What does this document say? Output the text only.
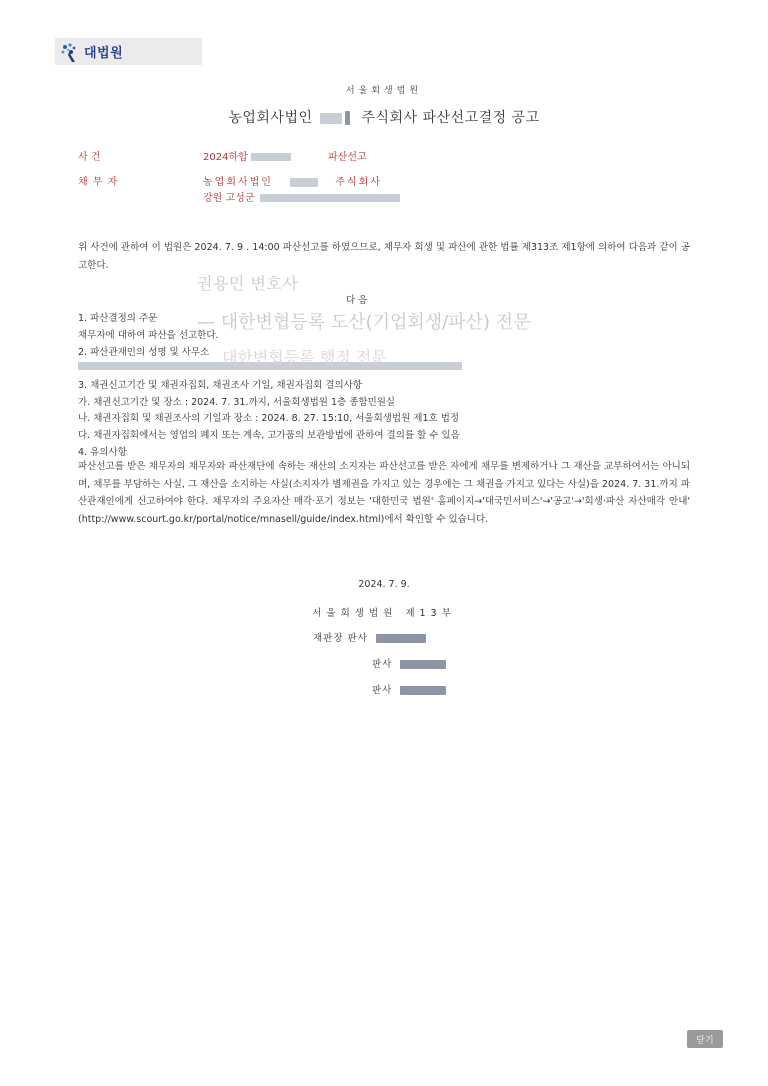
대법원
서울회생법원
농업회사법인	주식회사 파산선고결정 공고
사 건	2024하합	파산선고
채 무 자	농업회사법인	주식회사
강원 고성군
위 사건에 관하여 이 법원은 2024. 7. 9 . 14:00 파산선고를 하였으므로, 채무자 회생 및 파산에 관한 법률 제313조 제1항에 의하여 다음과 같이 공고한다.
다 음
1. 파산결정의 주문
채무자에 대하여 파산을 선고한다.
2. 파산관재인의 성명 및 사무소
3. 채권신고기간 및 채권자집회, 채권조사 기일, 채권자집회 결의사항
가. 채권신고기간 및 장소 : 2024. 7. 31.까지, 서울회생법원 1층 종합민원실
나. 채권자집회 및 채권조사의 기일과 장소 : 2024. 8. 27. 15:10, 서울회생법원 제1호 법정
다. 채권자집회에서는 영업의 폐지 또는 계속, 고가품의 보관방법에 관하여 결의를 할 수 있음
4. 유의사항
파산선고를 받은 채무자의 채무자와 파산재단에 속하는 재산의 소지자는 파산선고를 받은 자에게 채무를 변제하거나 그 재산을 교부하여서는 아니되며, 채무를 부담하는 사실, 그 재산을 소지하는 사실(소지자가 별제권을 가지고 있는 경우에는 그 채권을 가지고 있다는 사실)을 2024. 7. 31.까지 파산관재인에게 신고하여야 한다. 채무자의 주요자산 매각·포기 정보는 '대한민국 법원' 홈페이지→'대국민서비스'→'공고'→'회생·파산 자산매각 안내' (http://www.scourt.go.kr/portal/notice/mnasell/guide/index.html)에서 확인할 수 있습니다.
권용민 변호사
— 대한변협등록 도산(기업회생/파산) 전문
대한변협등록 행정 전문
2024. 7. 9.
서울회생법원 제13부
재판장 판사
판사
판사
닫기
